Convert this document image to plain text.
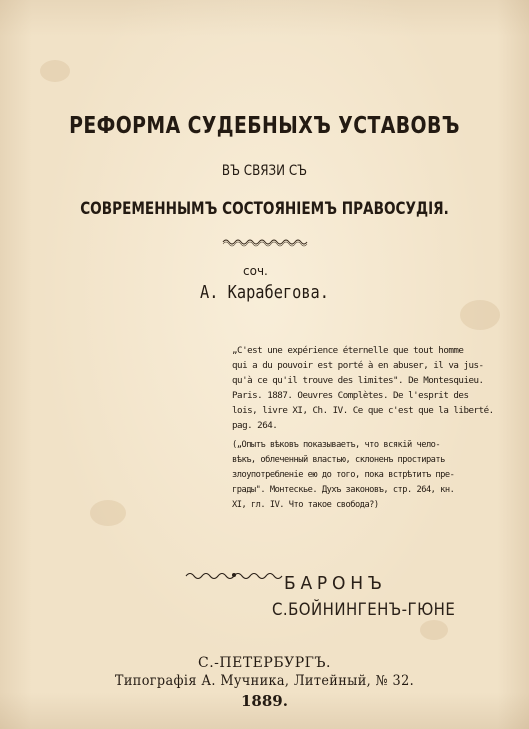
РЕФОРМА СУДЕБНЫХЪ УСТАВОВЪ
ВЪ СВЯЗИ СЪ
СОВРЕМЕННЫМЪ СОСТОЯНІЕМЪ ПРАВОСУДІЯ.
соч.
А. Карабегова.

„C'est une expérience éternelle que tout homme

qui a du pouvoir est porté à en abuser, il va jus-

qu'à ce qu'il trouve des limites". De Montesquieu.

Paris. 1887. Oeuvres Complètes. De l'esprit des

lois, livre XI, Ch. IV. Ce que c'est que la liberté.

pag. 264.

(„Опытъ вѣковъ показываетъ, что всякій чело-

вѣкъ, облеченный властью, склоненъ простирать

злоупотребленіе ею до того, пока встрѣтитъ пре-

грады". Монтескье. Духъ законовъ, стр. 264, кн.

XI, гл. IV. Что такое свобода?)

БАРОНЪ
С.БОЙНИНГЕНЪ-ГЮНЕ
С.-ПЕТЕРБУРГЪ.
Типографія А. Мучника, Литейный, № 32.
1889.
